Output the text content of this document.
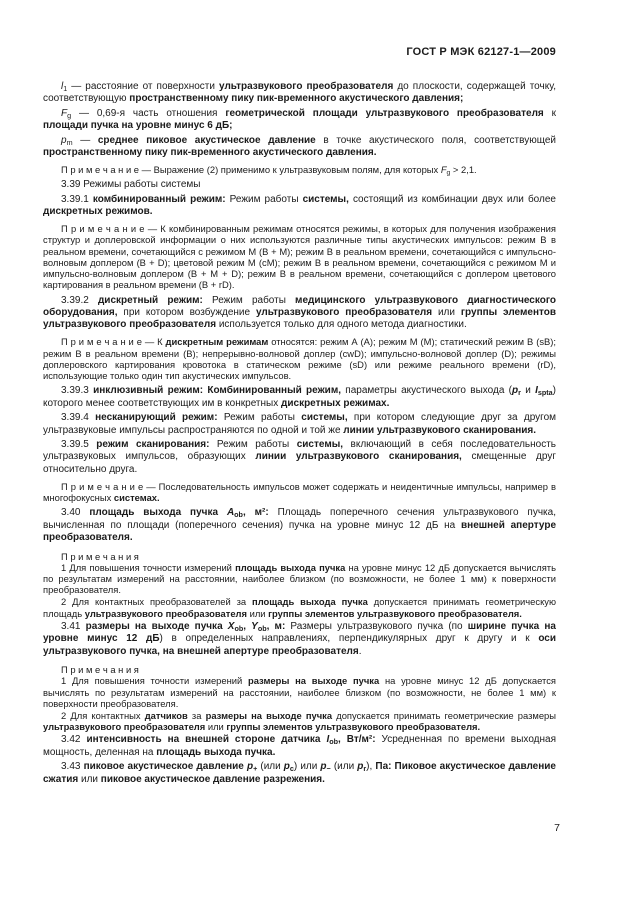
ГОСТ Р МЭК 62127-1—2009

$l_1$ — расстояние от поверхности ультразвукового преобразователя до плоскости, содержащей точку, соответствующую пространственному пику пик-временного акустического давления;

$F_g$ — 0,69-я часть отношения геометрической площади ультразвукового преобразователя к площади пучка на уровне минус 6 дБ;

$p_m$ — среднее пиковое акустическое давление в точке акустического поля, соответствующей пространственному пику пик-временного акустического давления.

П р и м е ч а н и е — Выражение (2) применимо к ультразвуковым полям, для которых $F_g > 2,1$.

3.39 Режимы работы системы

3.39.1 комбинированный режим: Режим работы системы, состоящий из комбинации двух или более дискретных режимов.

П р и м е ч а н и е — К комбинированным режимам относятся режимы, в которых для получения изображения структур и доплеровской информации о них используются различные типы акустических импульсов: режим В в реальном времени, сочетающийся с режимом М (В + М); режим В в реальном времени, сочетающийся с импульсно-волновым доплером (В + D); цветовой режим М (сМ); режим В в реальном времени, сочетающийся с режимом М и импульсно-волновым доплером (В + М + D); режим В в реальном времени, сочетающийся с доплером цветового картирования в реальном времени (В + rD).

3.39.2 дискретный режим: Режим работы медицинского ультразвукового диагностического оборудования, при котором возбуждение ультразвукового преобразователя или группы элементов ультразвукового преобразователя используется только для одного метода диагностики.

П р и м е ч а н и е — К дискретным режимам относятся: режим А (А); режим М (М); статический режим В (sB); режим В в реальном времени (В); непрерывно-волновой доплер (cwD); импульсно-волновой доплер (D); режимы доплеровского картирования кровотока в статическом режиме (sD) или режиме реального времени (rD), использующие только один тип акустических импульсов.

3.39.3 инклюзивный режим: Комбинированный режим, параметры акустического выхода ($p_r$ и $I_{spta}$) которого менее соответствующих им в конкретных дискретных режимах.

3.39.4 несканирующий режим: Режим работы системы, при котором следующие друг за другом ультразвуковые импульсы распространяются по одной и той же линии ультразвукового сканирования.

3.39.5 режим сканирования: Режим работы системы, включающий в себя последовательность ультразвуковых импульсов, образующих линии ультразвукового сканирования, смещенные друг относительно друга.

П р и м е ч а н и е — Последовательность импульсов может содержать и неидентичные импульсы, например в многофокусных системах.

3.40 площадь выхода пучка $A_{ob}$, м²: Площадь поперечного сечения ультразвукового пучка, вычисленная по площади (поперечного сечения) пучка на уровне минус 12 дБ на внешней апертуре преобразователя.

П р и м е ч а н и я

1 Для повышения точности измерений площадь выхода пучка на уровне минус 12 дБ допускается вычислять по результатам измерений на расстоянии, наиболее близком (по возможности, не более 1 мм) к поверхности преобразователя.

2 Для контактных преобразователей за площадь выхода пучка допускается принимать геометрическую площадь ультразвукового преобразователя или группы элементов ультразвукового преобразователя.

3.41 размеры на выходе пучка $X_{ob}$, $Y_{ob}$, м: Размеры ультразвукового пучка (по ширине пучка на уровне минус 12 дБ) в определенных направлениях, перпендикулярных друг к другу и к оси ультразвукового пучка, на внешней апертуре преобразователя.

П р и м е ч а н и я

1 Для повышения точности измерений размеры на выходе пучка на уровне минус 12 дБ допускается вычислять по результатам измерений на расстоянии, наиболее близком (по возможности, не более 1 мм) к поверхности преобразователя.

2 Для контактных датчиков за размеры на выходе пучка допускается принимать геометрические размеры ультразвукового преобразователя или группы элементов ультразвукового преобразователя.

3.42 интенсивность на внешней стороне датчика $I_{ob}$, Вт/м²: Усредненная по времени выходная мощность, деленная на площадь выхода пучка.

3.43 пиковое акустическое давление $p_+$ (или $p_c$) или $p_-$ (или $p_r$), Па: Пиковое акустическое давление сжатия или пиковое акустическое давление разрежения.

7
